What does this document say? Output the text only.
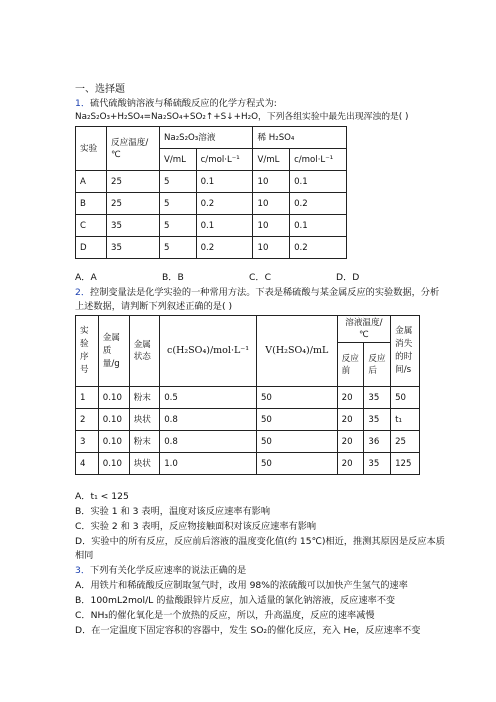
一、选择题
1．硫代硫酸钠溶液与稀硫酸反应的化学方程式为:
Na₂S₂O₃+H₂SO₄=Na₂SO₄+SO₂↑+S↓+H₂O，下列各组实验中最先出现浑浊的是( )
实验	反应温度/℃	Na₂S₂O₃溶液		稀 H₂SO₄	
		V/mL	c/mol·L⁻¹	V/mL	c/mol·L⁻¹
A	25	5	0.1	10	0.1
B	25	5	0.2	10	0.2
C	35	5	0.1	10	0.1
D	35	5	0.2	10	0.2
A．A	B．B	C．C	D．D
2．控制变量法是化学实验的一种常用方法。下表是稀硫酸与某金属反应的实验数据，分析
上述数据，请判断下列叙述正确的是( )
实验序号	金属质量/g	金属状态	c(H₂SO₄)/mol·L⁻¹	V(H₂SO₄)/mL	溶液温度/℃		金属消失的时间/s
					反应前	反应后	
1	0.10	粉末	0.5	50	20	35	50
2	0.10	块状	0.8	50	20	35	t₁
3	0.10	粉末	0.8	50	20	36	25
4	0.10	块状	1.0	50	20	35	125
A．t₁ < 125
B．实验 1 和 3 表明，温度对该反应速率有影响
C．实验 2 和 3 表明，反应物接触面积对该反应速率有影响
D．实验中的所有反应，反应前后溶液的温度变化值(约 15℃)相近，推测其原因是反应本质
相同
3．下列有关化学反应速率的说法正确的是
A．用铁片和稀硫酸反应制取氢气时，改用 98%的浓硫酸可以加快产生氢气的速率
B．100mL2mol/L 的盐酸跟锌片反应，加入适量的氯化钠溶液，反应速率不变
C．NH₃的催化氧化是一个放热的反应，所以，升高温度，反应的速率减慢
D．在一定温度下固定容积的容器中，发生 SO₂的催化反应，充入 He，反应速率不变
